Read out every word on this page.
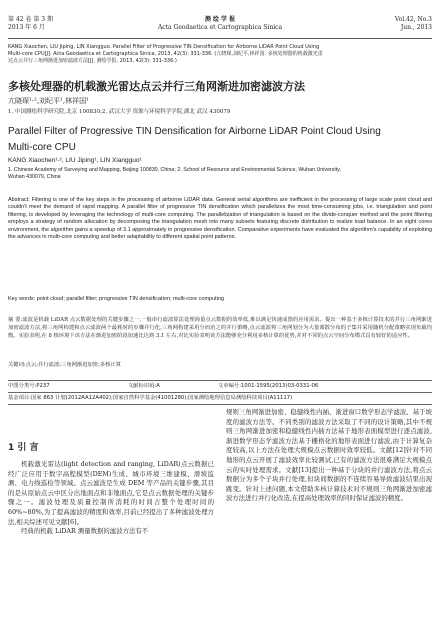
第 42 卷 第 3 期
2013 年 6 月
测 绘 学 报
Acta Geodaetica et Cartographica Sinica
Vol.42, No.3
Jun., 2013
KANG Xiaochen, LIU Jiping, LIN Xiangguo. Parallel Filter of Progressive TIN Densification for Airborne LiDAR Point Cloud Using
Multi-core CPU[J]. Acta Geodaetica et Cartographica Sinica, 2013, 42(3): 331-336. (亢晓琛,刘纪平,林祥国. 多核处理器的机载激光雷
达点云并行三角网渐进加密滤波方法[J]. 测绘学报, 2013, 42(3): 331-336.)
多核处理器的机载激光雷达点云并行三角网渐进加密滤波方法
亢晓琛¹·²,刘纪平¹,林祥国¹
1. 中国测绘科学研究院,北京 100830;2. 武汉大学 资源与环境科学学院,湖北 武汉 430079
Parallel Filter of Progressive TIN Densification for Airborne LiDAR Point Cloud Using
Multi-core CPU
KANG Xiaochen¹·², LIU Jiping¹, LIN Xiangguo¹
1. Chinese Academy of Surveying and Mapping, Beijing 100830, China; 2. School of Resource and Environmental Science, Wuhan University,
Wuhan 430079, China
Abstract: Filtering is one of the key steps in the processing of airborne LiDAR data. General serial algorithms are inefficient in the processing of large scale point cloud and couldn't meet the demand of rapid mapping. A parallel filter of progressive TIN densification which parallelizes the most time-consuming jobs, i.e. triangulation and point filtering, is developed by leveraging the technology of multi-core computing. The parallelization of triangulation is based on the divide-conquer method and the point filtering employs a strategy of random allocation by decomposing the triangulation mesh into many subsets featuring discrete distribution to realize load balance. In an eight cores environment, the algorithm gains a speedup of 3.1 approximately in progressive densification. Comparative experiments have evaluated the algorithm's capability of exploiting the advances in multi-core computing and better adaptability to different spatial point patterns.
Key words: point cloud; parallel filter; progressive TIN densification; multi-core computing
摘 要:滤波是机载 LiDAR 点云数据处理的关键步骤之一,一般串行滤波算法处理海量点云数据的效率低,难以满足快速成图的应用需求。提出一种基于多核计算技术的并行三角网渐进加密滤波方法,将三角网构建和点云滤波两个最耗时的步骤并行化,三角网构建采用分而治之的并行策略,点云滤波将三角网划分为大量离散分布的子集并采用随机分配策略实现负载均衡。实验表明,在 8 核环境下该方法在渐进加密阶段加速比达到 3.1 左右,对比实验表明该方法能够充分利用多核计算的优势,并对不同的点云空间分布模式具有较好的适应性。
关键词:点云;并行滤波;三角网渐进加密;多核计算
中图分类号:P237	文献标识码:A	文章编号:1001-1595(2013)03-0331-06
基金项目:国家 863 计划(2012AA12A402);国家自然科学基金(41001280);国家测绘地理信息局测绘科技项目(A11117)
1 引 言

机载激光雷达(light detection and ranging, LiDAR)点云数据已经广泛应用于数字高程模型(DEM)生成、城市环境三维建模、滑坡监测、电力线巡检等领域。点云滤波是生成 DEM 等产品的关键步骤,其目的是从原始点云中区分出地面点和非地面点,它是点云数据处理的关键步骤之一。滤波处理及质量控制所消耗的时间占整个处理时间的 60%~80%,为了提高滤波的精度和效率,目前已经提出了多种滤波处理方法,相关综述可见文献[6]。

经典的机载 LiDAR 测量数据的滤波方法有不

规则三角网渐进加密、稳健线性内插、渐进窗口数学形态学滤波、基于坡度的滤波方法等。不同类别的滤波方法采取了不同的设计策略,其中不规则三角网渐进加密和稳健线性内插方法基于地形表面模型进行逐点滤波,渐进数学形态学滤波方法基于栅格化的地形表面进行滤波,由于计算复杂度较高,以上方法在处理大规模点云数据时效率较低。文献[12]针对不同地形的点云开展了滤波效率比较测试,已有的滤波方法很难满足大规模点云的实时处理需求。文献[13]提出一种基于分块的并行滤波方法,将点云数据分为多个子块并行处理,但块间数据的不连续容易导致滤波结果出现跳变。针对上述问题,本文借助多核计算技术对不规则三角网渐进加密滤波方法进行并行化改造,在提高处理效率的同时保证滤波的精度。
